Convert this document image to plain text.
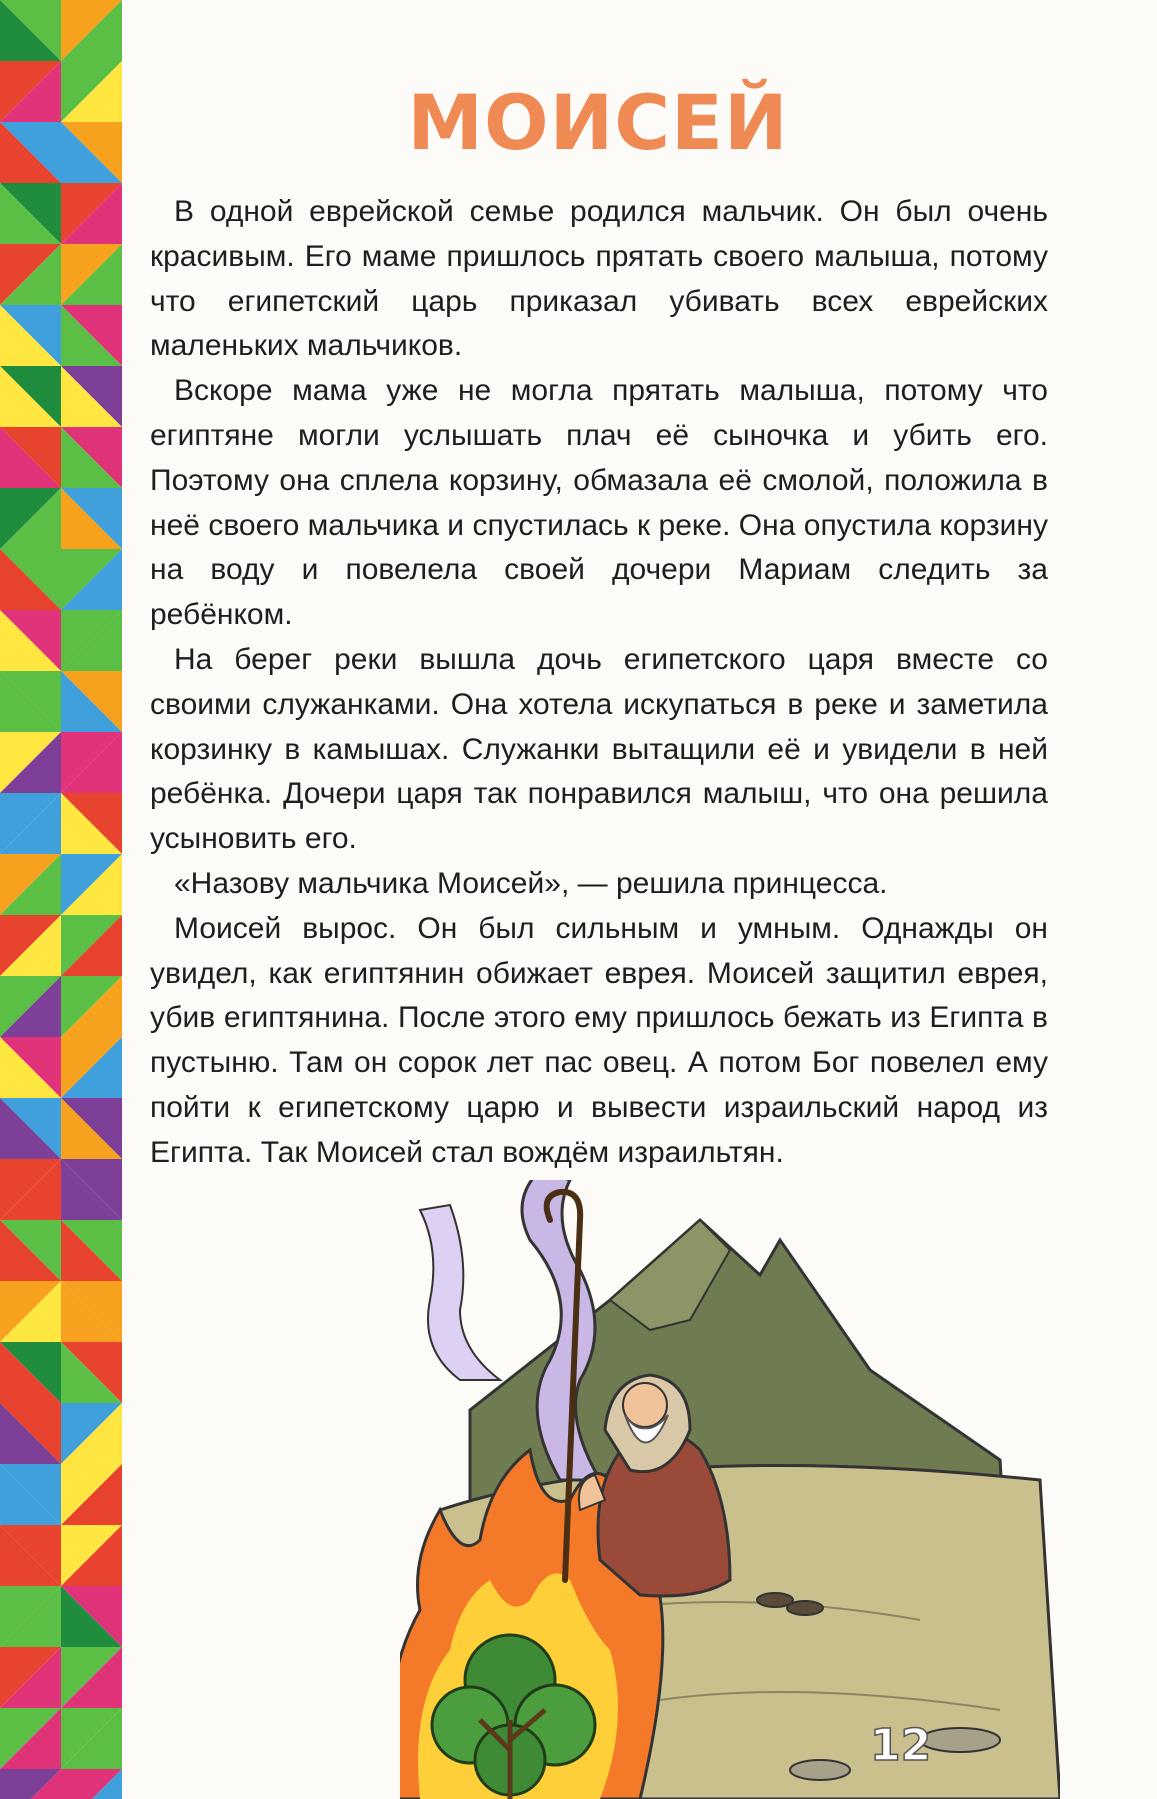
МОИСЕЙ

В одной еврейской семье родился мальчик. Он был очень красивым. Его маме пришлось прятать своего малыша, потому что египетский царь приказал убивать всех еврейских маленьких мальчиков.

Вскоре мама уже не могла прятать малыша, потому что египтяне могли услышать плач её сыночка и убить его. Поэтому она сплела корзину, обмазала её смолой, положила в неё своего мальчика и спустилась к реке. Она опустила корзину на воду и повелела своей дочери Мариам следить за ребёнком.

На берег реки вышла дочь египетского царя вместе со своими служанками. Она хотела искупаться в реке и заметила корзинку в камышах. Служанки вытащили её и увидели в ней ребёнка. Дочери царя так понравился малыш, что она решила усыновить его.

«Назову мальчика Моисей», — решила принцесса.

Моисей вырос. Он был сильным и умным. Однажды он увидел, как египтянин обижает еврея. Моисей защитил еврея, убив египтянина. После этого ему пришлось бежать из Египта в пустыню. Там он сорок лет пас овец. А потом Бог повелел ему пойти к египетскому царю и вывести израильский народ из Египта. Так Моисей стал вождём израильтян.

12
